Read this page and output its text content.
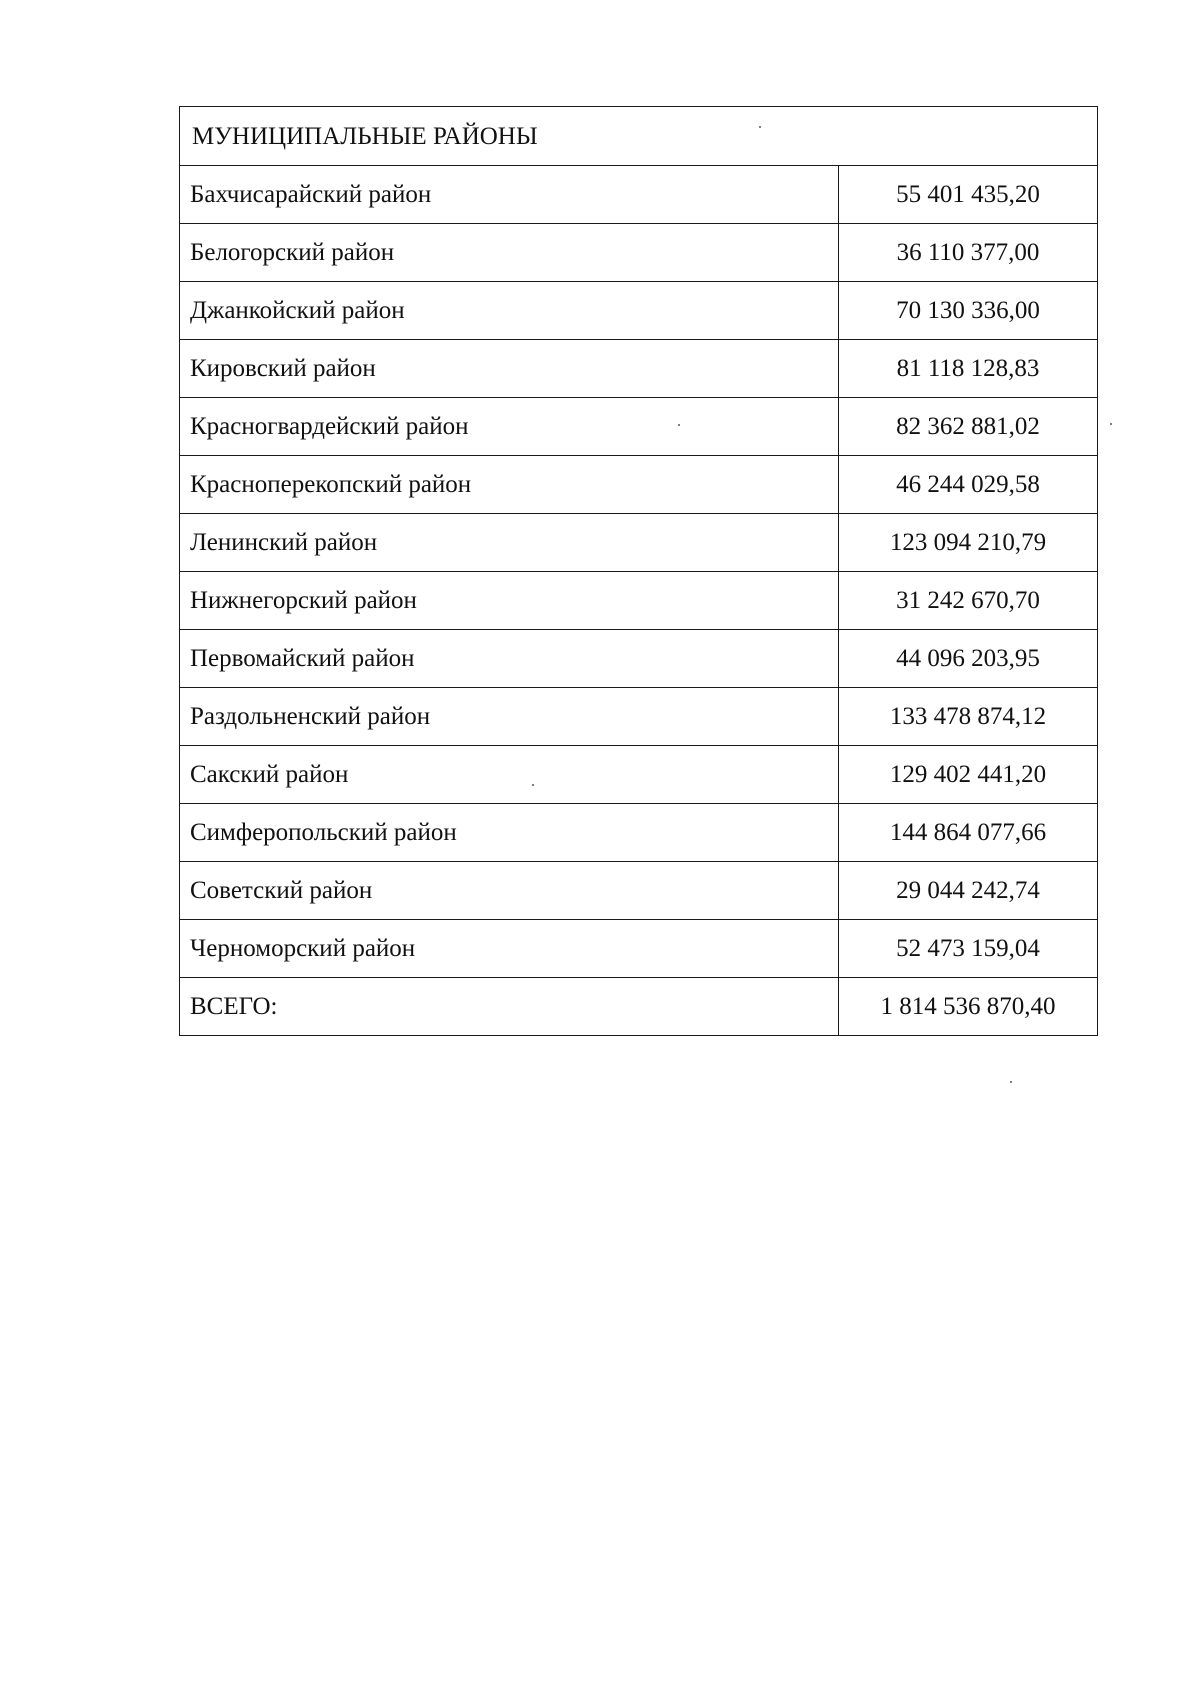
МУНИЦИПАЛЬНЫЕ РАЙОНЫ	
Бахчисарайский район	55 401 435,20
Белогорский район	36 110 377,00
Джанкойский район	70 130 336,00
Кировский район	81 118 128,83
Красногвардейский район	82 362 881,02
Красноперекопский район	46 244 029,58
Ленинский район	123 094 210,79
Нижнегорский район	31 242 670,70
Первомайский район	44 096 203,95
Раздольненский район	133 478 874,12
Сакский район	129 402 441,20
Симферопольский район	144 864 077,66
Советский район	29 044 242,74
Черноморский район	52 473 159,04
ВСЕГО:	1 814 536 870,40
